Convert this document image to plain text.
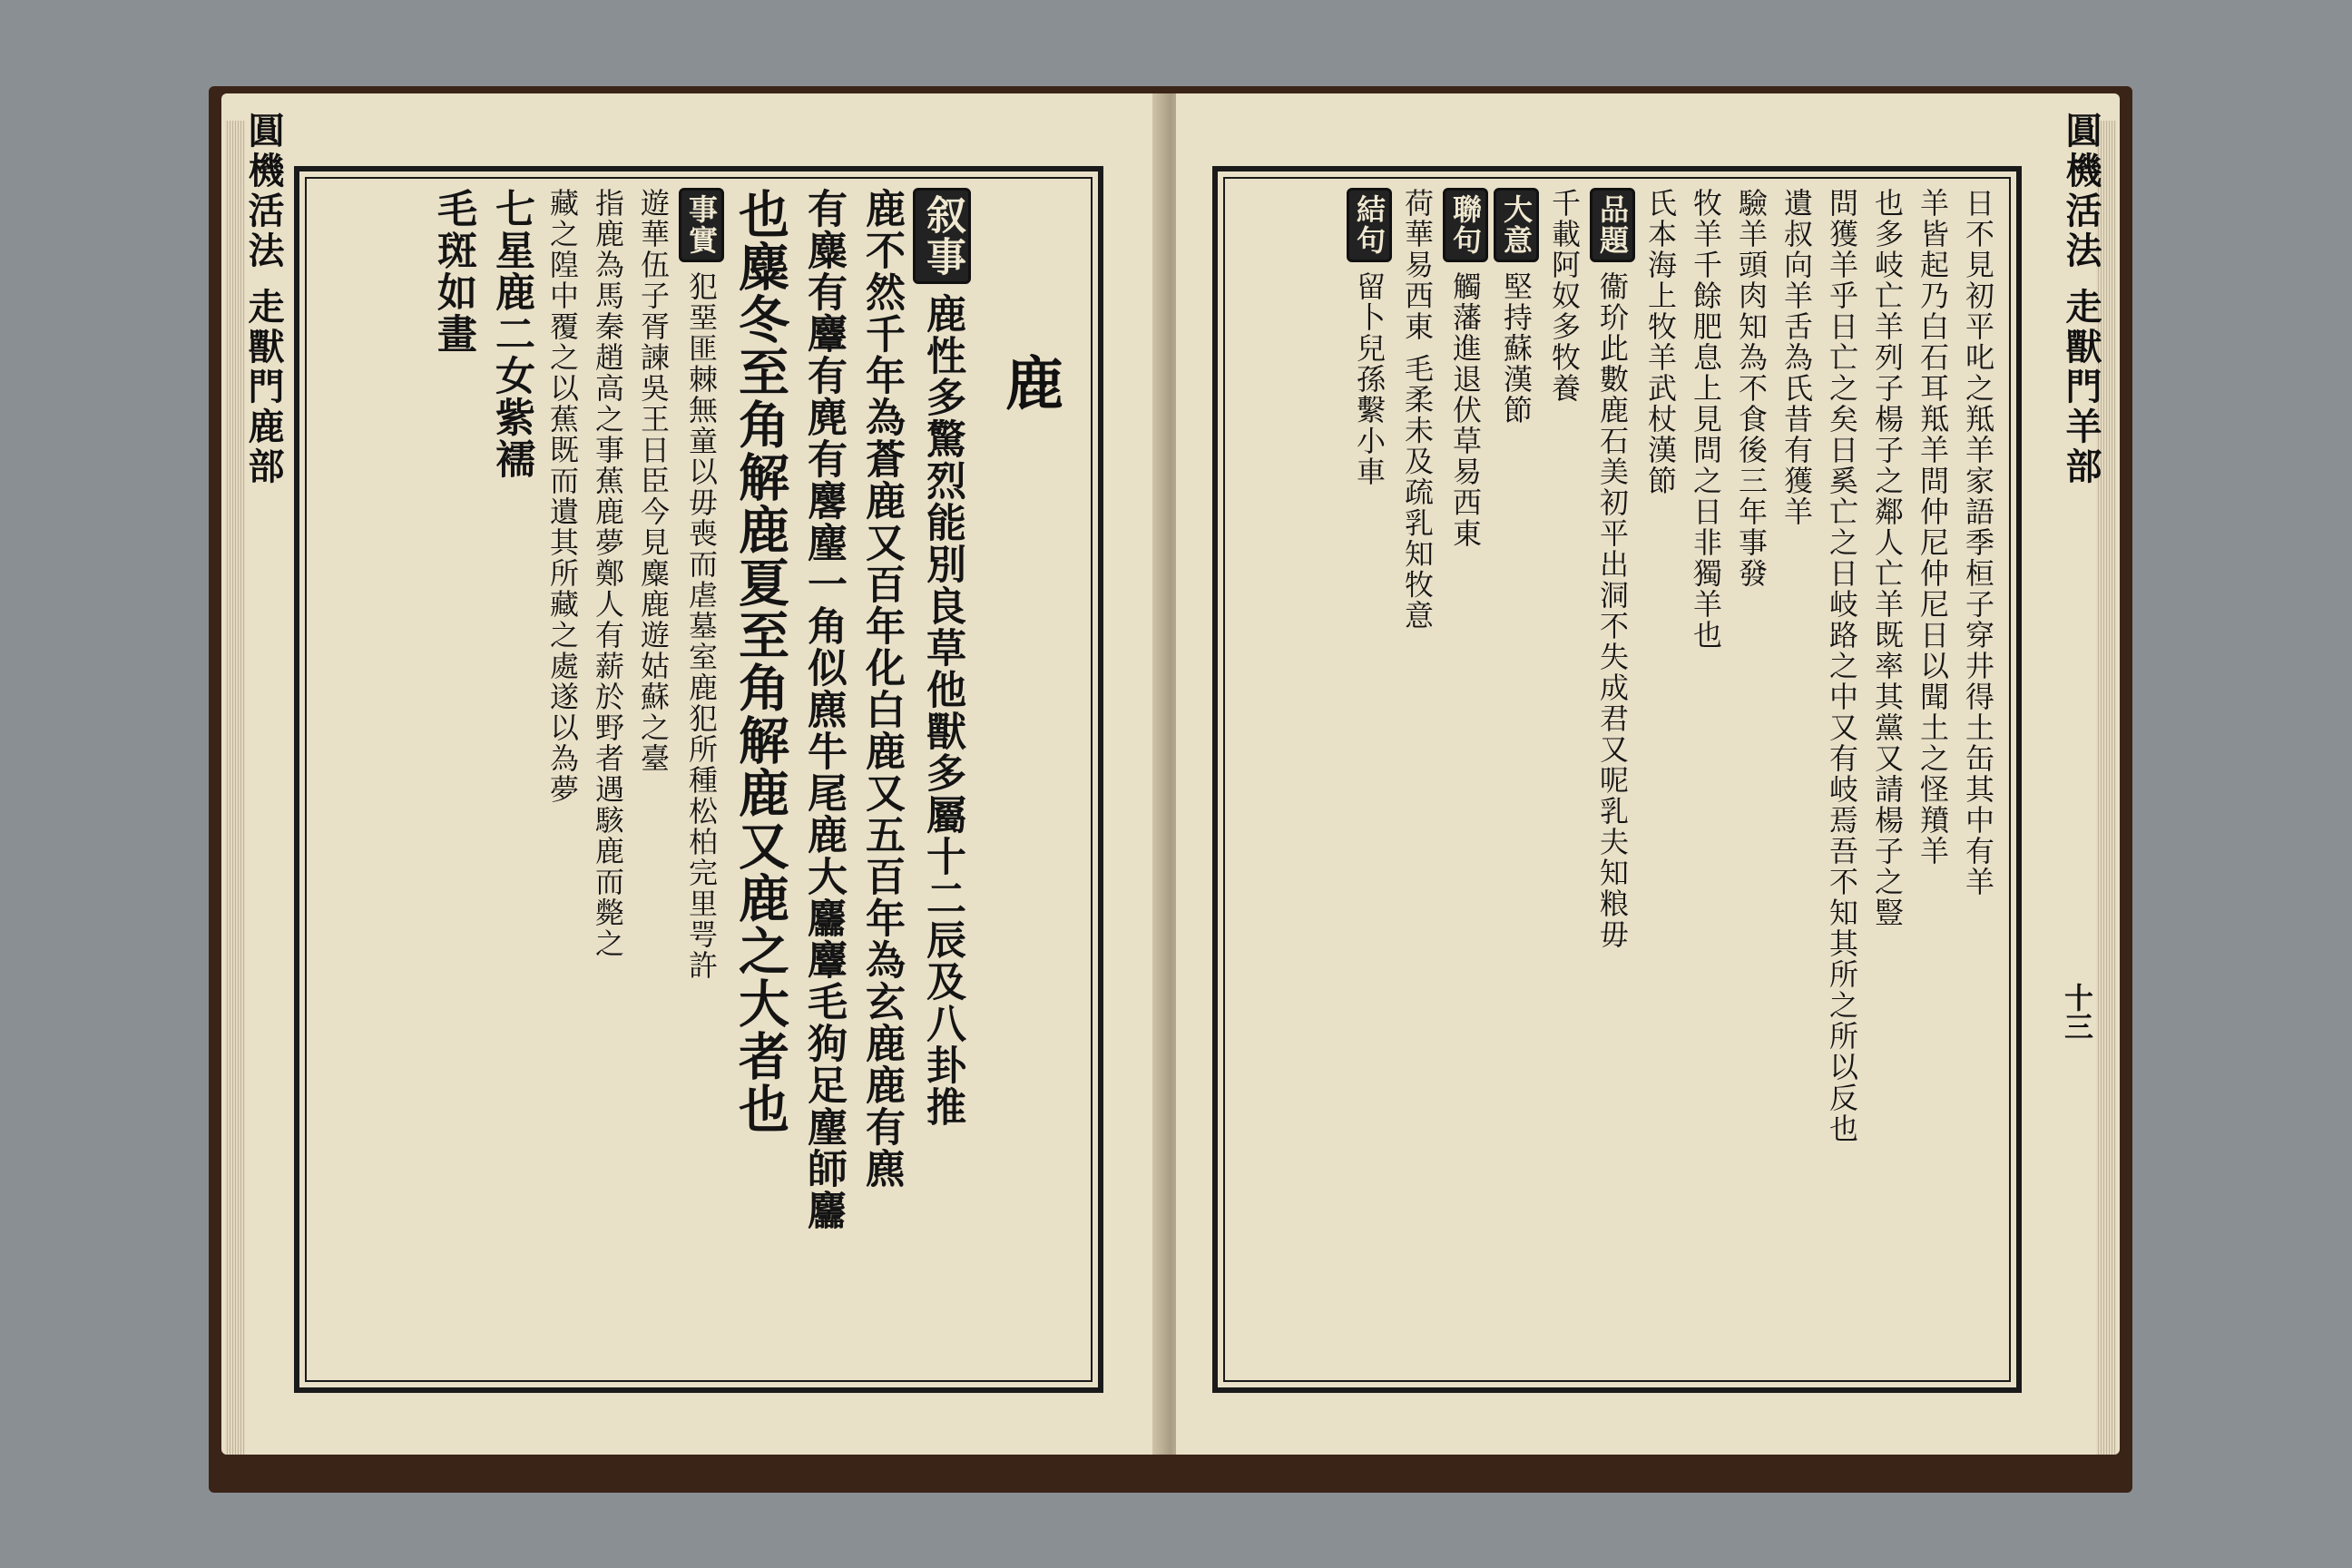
圓機活法 走獸門鹿部	鹿
叙事鹿性多驚烈能別良草他獸多屬十二辰及八卦推
鹿不然千年為蒼鹿又百年化白鹿又五百年為玄鹿鹿有麃
有麋有麞有麂有麐麈一角似麃牛尾鹿大麢麞毛狗足麈師麢
也麋冬至角解鹿夏至角解鹿又鹿之大者也
事實犯堊匪棘無童以毋喪而虐墓室鹿犯所種松柏完里咢許
遊華伍子胥諫吳王日臣今見麋鹿遊姑蘇之臺
指鹿為馬秦趙高之事蕉鹿夢鄭人有薪於野者遇駭鹿而斃之
藏之隍中覆之以蕉既而遺其所藏之處遂以為夢
七星鹿二女紫襦
毛斑如畫	圓機活法 走獸門羊部
十三
日不見初平叱之羝羊家語季桓子穿井得土缶其中有羊
羊皆起乃白石耳羝羊問仲尼仲尼日以聞土之怪羵羊
也多岐亡羊列子楊子之鄰人亡羊既率其黨又請楊子之豎
問獲羊乎日亡之矣日奚亡之日岐路之中又有岐焉吾不知其所之所以反也
遺叔向羊舌為氏昔有獲羊
驗羊頭肉知為不食後三年事發
牧羊千餘肥息上見問之日非獨羊也
氏本海上牧羊武杖漢節
品題衞玠此數鹿石美初平出洞不失成君又呢乳夫知粮毋
千載阿奴多牧養
大意堅持蘇漢節
聯句觸藩進退伏草易西東
荷華易西東 毛柔未及疏乳知牧意
結句留卜兒孫繫小車
